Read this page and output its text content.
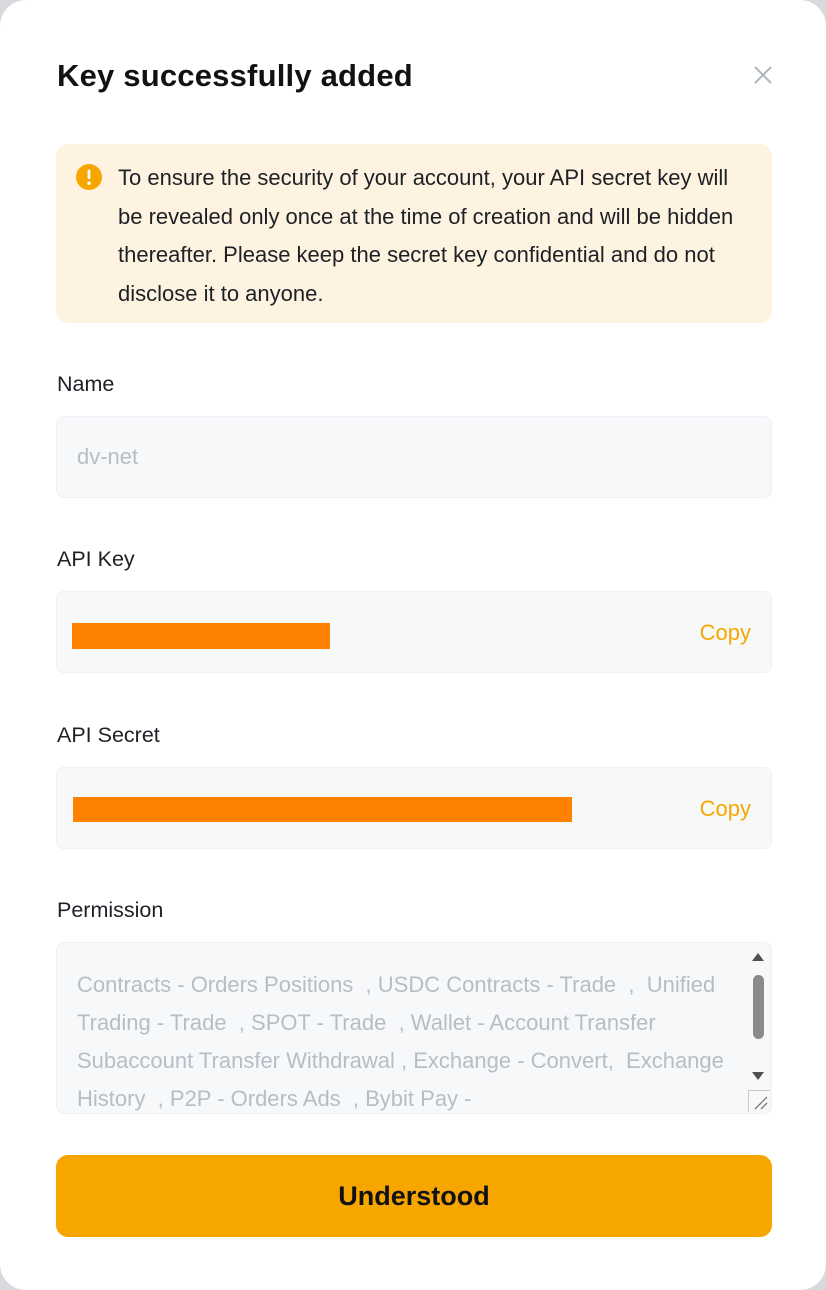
Key successfully added
To ensure the security of your account, your API secret key will be revealed only once at the time of creation and will be hidden thereafter. Please keep the secret key confidential and do not disclose it to anyone.
Name
dv-net
API Key
Copy
API Secret
Copy
Permission
Contracts - Orders Positions  , USDC Contracts - Trade  ,  Unified Trading - Trade  , SPOT - Trade  , Wallet - Account Transfer Subaccount Transfer Withdrawal , Exchange - Convert,  Exchange History  , P2P - Orders Ads  , Bybit Pay -
Understood
